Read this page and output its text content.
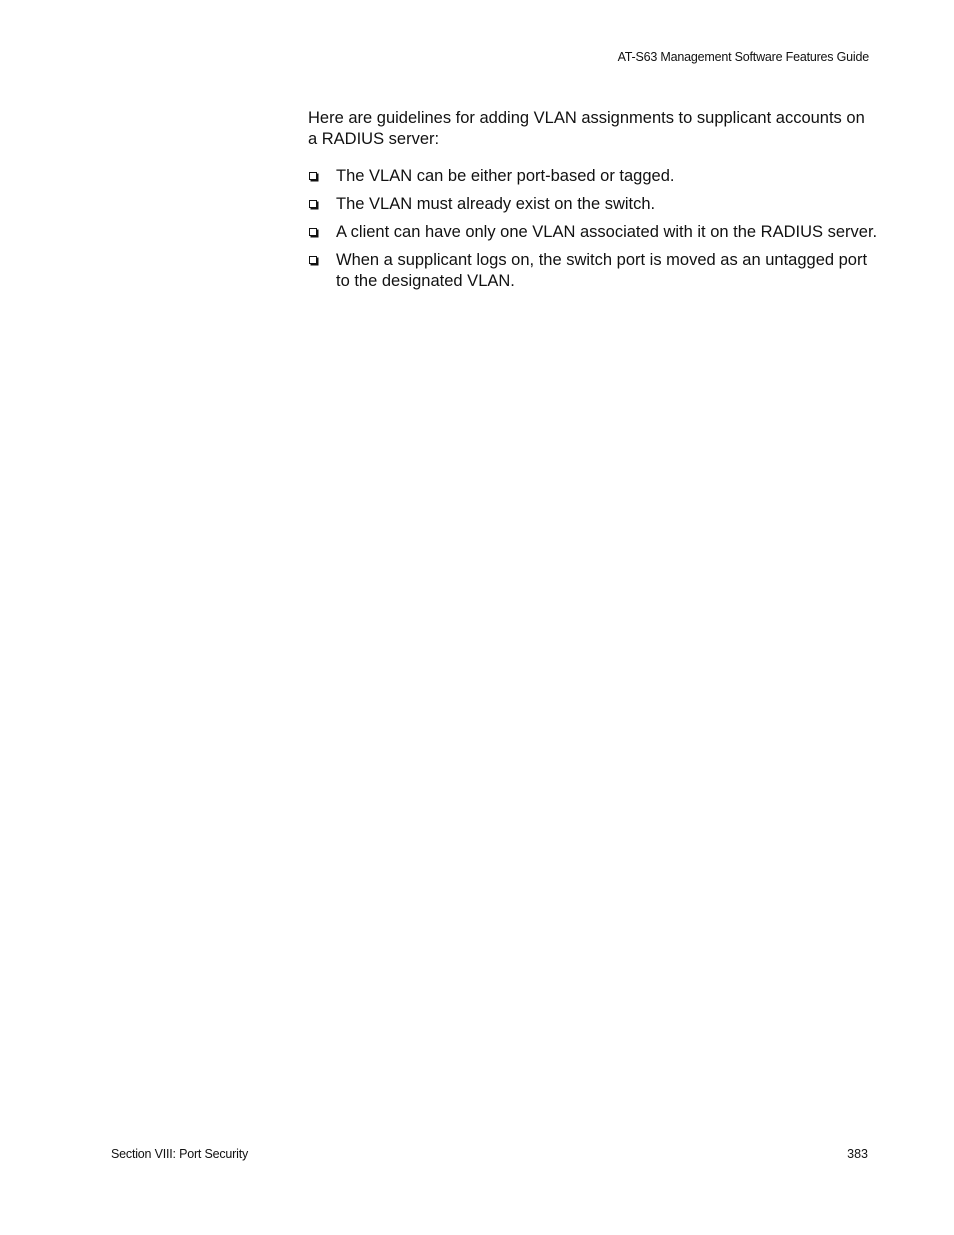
AT-S63 Management Software Features Guide

Here are guidelines for adding VLAN assignments to supplicant accounts on a RADIUS server:

The VLAN can be either port-based or tagged.
The VLAN must already exist on the switch.
A client can have only one VLAN associated with it on the RADIUS server.
When a supplicant logs on, the switch port is moved as an untagged port to the designated VLAN.
Section VIII: Port Security	383
